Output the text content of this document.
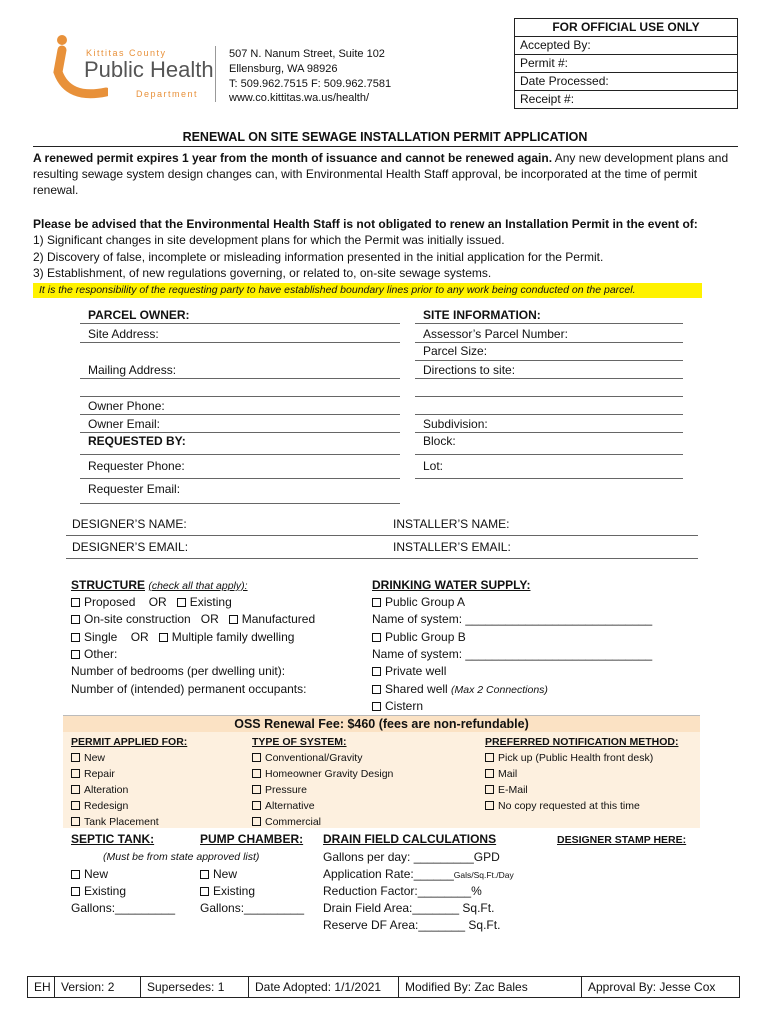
Kittitas County
Public Health
Department
507 N. Nanum Street, Suite 102
Ellensburg, WA 98926
T: 509.962.7515 F: 509.962.7581
www.co.kittitas.wa.us/health/
FOR OFFICIAL USE ONLY
Accepted By:
Permit #:
Date Processed:
Receipt #:
RENEWAL ON SITE SEWAGE INSTALLATION PERMIT APPLICATION
A renewed permit expires 1 year from the month of issuance and cannot be renewed again. Any new development plans and
resulting sewage system design changes can, with Environmental Health Staff approval, be incorporated at the time of permit
renewal.
Please be advised that the Environmental Health Staff is not obligated to renew an Installation Permit in the event of:
1) Significant changes in site development plans for which the Permit was initially issued.
2) Discovery of false, incomplete or misleading information presented in the initial application for the Permit.
3) Establishment, of new regulations governing, or related to, on-site sewage systems.
It is the responsibility of the requesting party to have established boundary lines prior to any work being conducted on the parcel.
PARCEL OWNER:
Site Address:
Mailing Address:
Owner Phone:
Owner Email:
REQUESTED BY:
Requester Phone:
Requester Email:
SITE INFORMATION:
Assessor’s Parcel Number:
Parcel Size:
Directions to site:
Subdivision:
Block:
Lot:
DESIGNER’S NAME:	INSTALLER’S NAME:
DESIGNER’S EMAIL:	INSTALLER’S EMAIL:
STRUCTURE (check all that apply):
Proposed OR Existing
On-site construction OR Manufactured
Single OR Multiple family dwelling
Other:
Number of bedrooms (per dwelling unit):
Number of (intended) permanent occupants:
DRINKING WATER SUPPLY:
Public Group A
Name of system: ____________________________
Public Group B
Name of system: ____________________________
Private well
Shared well (Max 2 Connections)
Cistern
OSS Renewal Fee: $460 (fees are non-refundable)
PERMIT APPLIED FOR:
New
Repair
Alteration
Redesign
Tank Placement
TYPE OF SYSTEM:
Conventional/Gravity
Homeowner Gravity Design
Pressure
Alternative
Commercial
PREFERRED NOTIFICATION METHOD:
Pick up (Public Health front desk)
Mail
E-Mail
No copy requested at this time
SEPTIC TANK:
(Must be from state approved list)
New
Existing
Gallons:_________
PUMP CHAMBER:
New
Existing
Gallons:_________
DRAIN FIELD CALCULATIONS
Gallons per day: _________GPD
Application Rate:______Gals/Sq.Ft./Day
Reduction Factor:________%
Drain Field Area:_______ Sq.Ft.
Reserve DF Area:_______ Sq.Ft.
DESIGNER STAMP HERE:
EH Version: 2	Supersedes: 1	Date Adopted: 1/1/2021	Modified By: Zac Bales	Approval By: Jesse Cox
